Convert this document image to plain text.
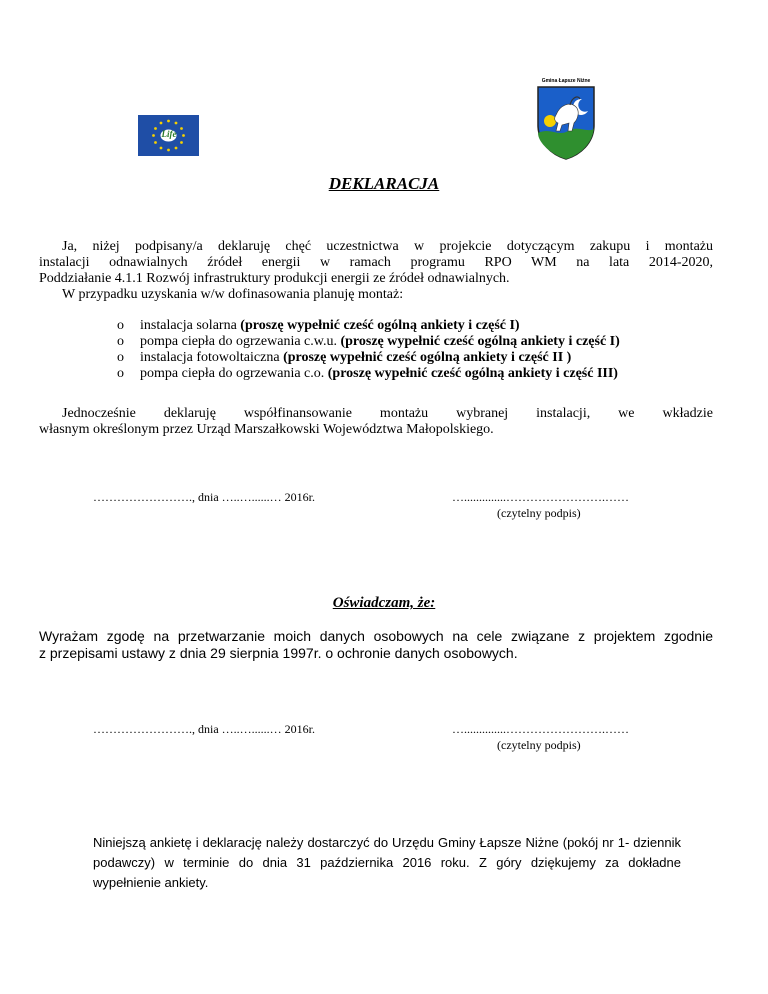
Life
Gmina Łapsze Niżne
DEKLARACJA
Ja, niżej podpisany/a deklaruję chęć uczestnictwa w projekcie dotyczącym zakupu i montażu
instalacji odnawialnych źródeł energii w ramach programu RPO WM na lata 2014-2020,
Poddziałanie 4.1.1 Rozwój infrastruktury produkcji energii ze źródeł odnawialnych.
W przypadku uzyskania w/w dofinasowania planuję montaż:
o instalacja solarna (proszę wypełnić cześć ogólną ankiety i część I)
o pompa ciepła do ogrzewania c.w.u. (proszę wypełnić cześć ogólną ankiety i część I)
o instalacja fotowoltaiczna (proszę wypełnić cześć ogólną ankiety i część II )
o pompa ciepła do ogrzewania c.o. (proszę wypełnić cześć ogólną ankiety i część III)
Jednocześnie deklaruję współfinansowanie montażu wybranej instalacji, we wkładzie
własnym określonym przez Urząd Marszałkowski Województwa Małopolskiego.
……………………., dnia …..…......… 2016r.	…..............…………………….……
(czytelny podpis)
Oświadczam, że:
Wyrażam zgodę na przetwarzanie moich danych osobowych na cele związane z projektem zgodnie
z przepisami ustawy z dnia 29 sierpnia 1997r. o ochronie danych osobowych.
……………………., dnia …..…......… 2016r.	…..............…………………….……
(czytelny podpis)
Niniejszą ankietę i deklarację należy dostarczyć do Urzędu Gminy Łapsze Niżne (pokój nr 1- dziennik
podawczy) w terminie do dnia 31 października 2016 roku. Z góry dziękujemy za dokładne
wypełnienie ankiety.
